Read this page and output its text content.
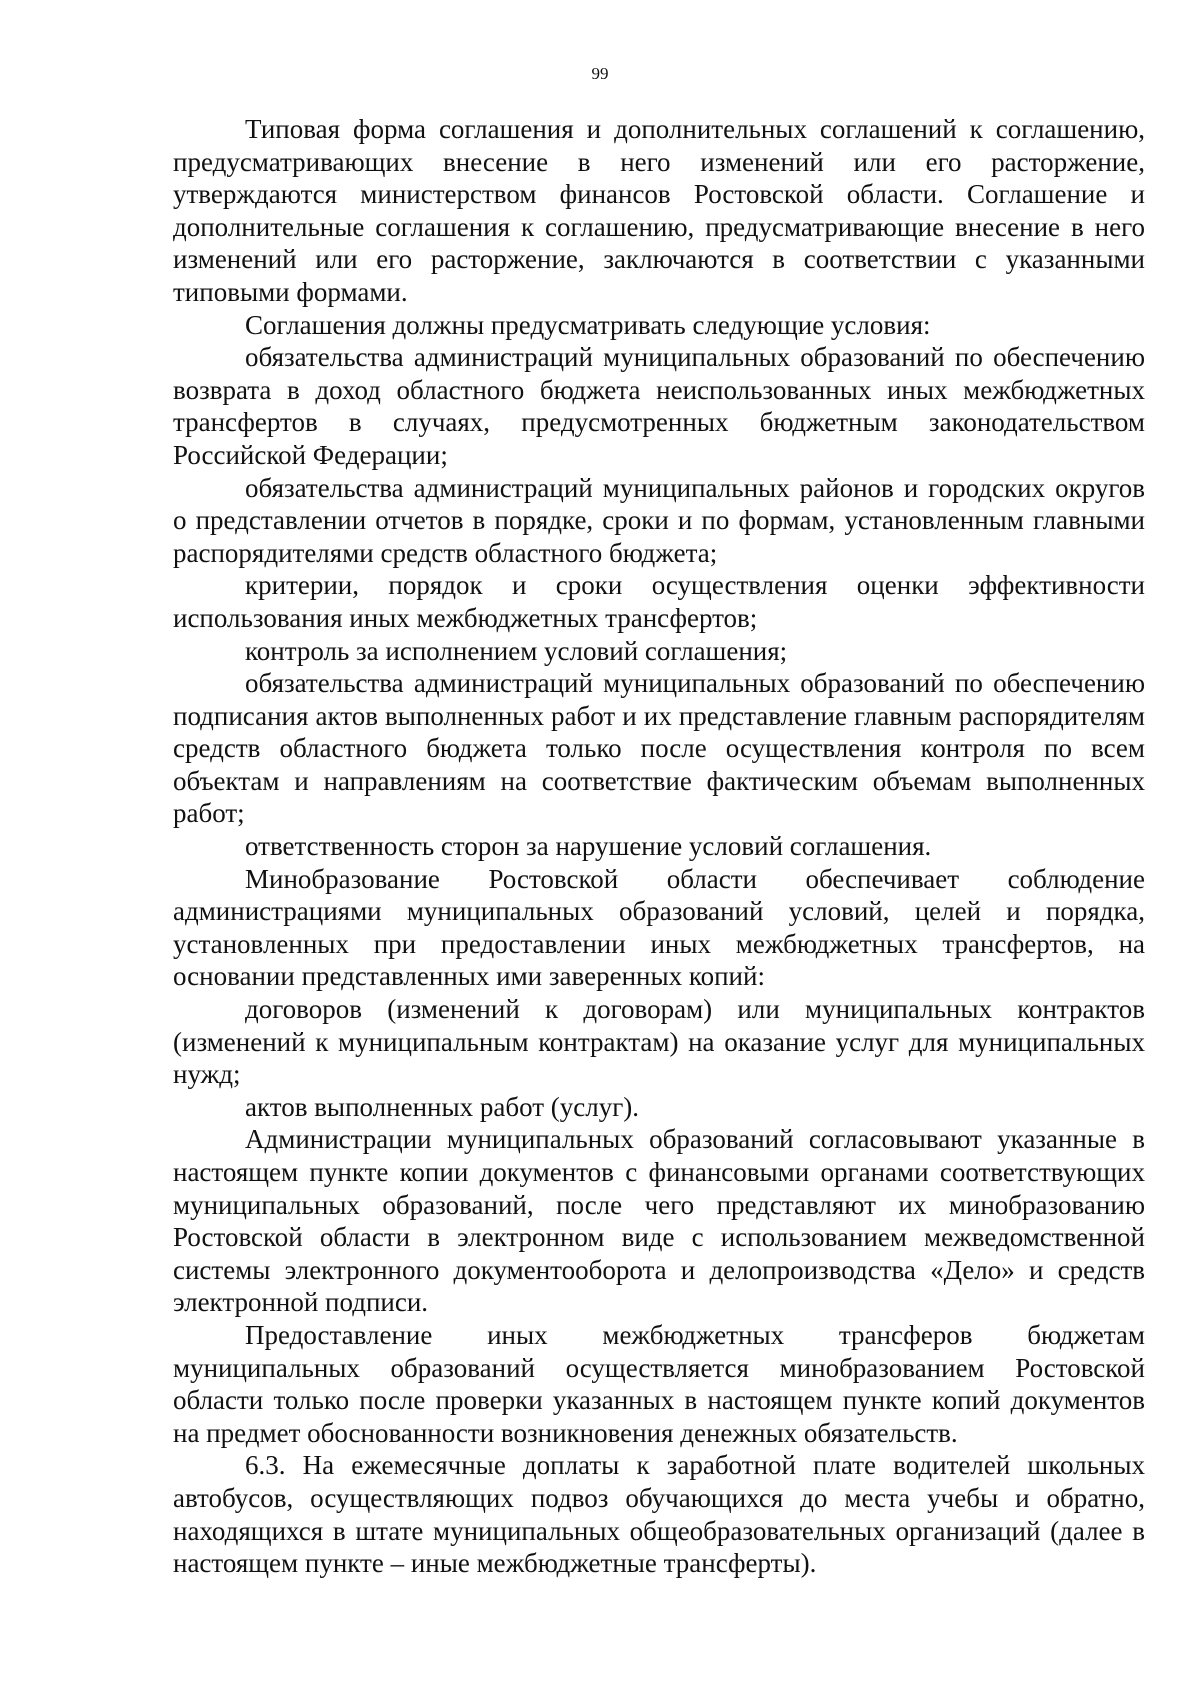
99

Типовая форма соглашения и дополнительных соглашений к соглашению, предусматривающих внесение в него изменений или его расторжение, утверждаются министерством финансов Ростовской области. Соглашение и дополнительные соглашения к соглашению, предусматривающие внесение в него изменений или его расторжение, заключаются в соответствии с указанными типовыми формами.

Соглашения должны предусматривать следующие условия:

обязательства администраций муниципальных образований по обеспечению возврата в доход областного бюджета неиспользованных иных межбюджетных трансфертов в случаях, предусмотренных бюджетным законодательством Российской Федерации;

обязательства администраций муниципальных районов и городских округов о представлении отчетов в порядке, сроки и по формам, установленным главными распорядителями средств областного бюджета;

критерии, порядок и сроки осуществления оценки эффективности использования иных межбюджетных трансфертов;

контроль за исполнением условий соглашения;

обязательства администраций муниципальных образований по обеспечению подписания актов выполненных работ и их представление главным распорядителям средств областного бюджета только после осуществления контроля по всем объектам и направлениям на соответствие фактическим объемам выполненных работ;

ответственность сторон за нарушение условий соглашения.

Минобразование Ростовской области обеспечивает соблюдение администрациями муниципальных образований условий, целей и порядка, установленных при предоставлении иных межбюджетных трансфертов, на основании представленных ими заверенных копий:

договоров (изменений к договорам) или муниципальных контрактов (изменений к муниципальным контрактам) на оказание услуг для муниципальных нужд;

актов выполненных работ (услуг).

Администрации муниципальных образований согласовывают указанные в настоящем пункте копии документов с финансовыми органами соответствующих муниципальных образований, после чего представляют их минобразованию Ростовской области в электронном виде с использованием межведомственной системы электронного документооборота и делопроизводства «Дело» и средств электронной подписи.

Предоставление иных межбюджетных трансферов бюджетам муниципальных образований осуществляется минобразованием Ростовской области только после проверки указанных в настоящем пункте копий документов на предмет обоснованности возникновения денежных обязательств.

6.3. На ежемесячные доплаты к заработной плате водителей школьных автобусов, осуществляющих подвоз обучающихся до места учебы и обратно, находящихся в штате муниципальных общеобразовательных организаций (далее в настоящем пункте – иные межбюджетные трансферты).
